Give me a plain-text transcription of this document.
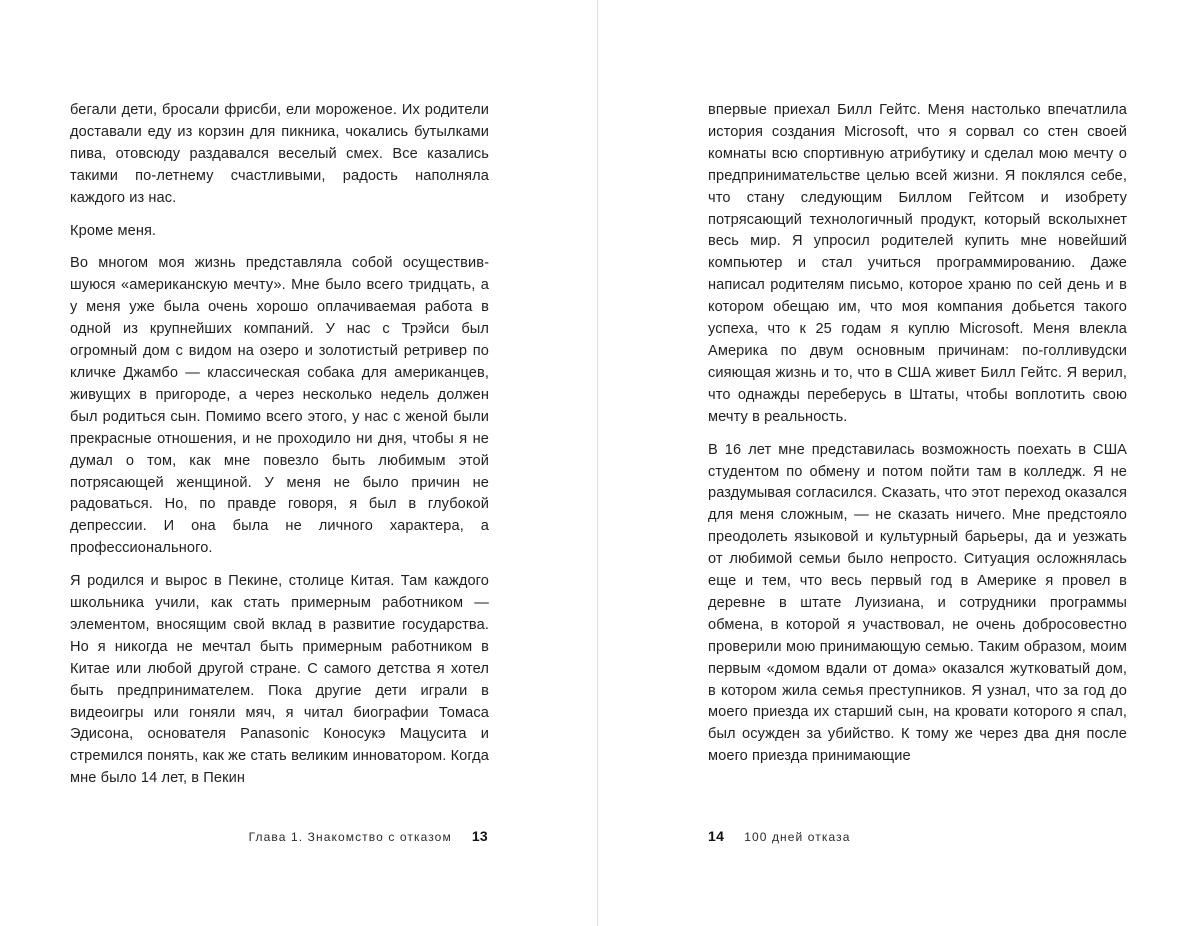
бегали дети, бросали фрисби, ели мороженое. Их родители доставали еду из корзин для пикника, чокались бутылками пива, отовсюду раздавался веселый смех. Все казались такими по-летнему счастливыми, радость наполняла каждого из нас.

Кроме меня.

Во многом моя жизнь представляла собой осуществившуюся «американскую мечту». Мне было всего тридцать, а у меня уже была очень хорошо оплачиваемая работа в одной из крупнейших компаний. У нас с Трэйси был огромный дом с видом на озеро и золотистый ретривер по кличке Джамбо — классическая собака для американцев, живущих в пригороде, а через несколько недель должен был родиться сын. Помимо всего этого, у нас с женой были прекрасные отношения, и не проходило ни дня, чтобы я не думал о том, как мне повезло быть любимым этой потрясающей женщиной. У меня не было причин не радоваться. Но, по правде говоря, я был в глубокой депрессии. И она была не личного характера, а профессионального.

Я родился и вырос в Пекине, столице Китая. Там каждого школьника учили, как стать примерным работником — элементом, вносящим свой вклад в развитие государства. Но я никогда не мечтал быть примерным работником в Китае или любой другой стране. С самого детства я хотел быть предпринимателем. Пока другие дети играли в видеоигры или гоняли мяч, я читал биографии Томаса Эдисона, основателя Panasonic Коносукэ Мацусита и стремился понять, как же стать великим инноватором. Когда мне было 14 лет, в Пекин

Глава 1. Знакомство с отказом 13

впервые приехал Билл Гейтс. Меня настолько впечатлила история создания Microsoft, что я сорвал со стен своей комнаты всю спортивную атрибутику и сделал мою мечту о предпринимательстве целью всей жизни. Я поклялся себе, что стану следующим Биллом Гейтсом и изобрету потрясающий технологичный продукт, который всколыхнет весь мир. Я упросил родителей купить мне новейший компьютер и стал учиться программированию. Даже написал родителям письмо, которое храню по сей день и в котором обещаю им, что моя компания добьется такого успеха, что к 25 годам я куплю Microsoft. Меня влекла Америка по двум основным причинам: по-голливудски сияющая жизнь и то, что в США живет Билл Гейтс. Я верил, что однажды переберусь в Штаты, чтобы воплотить свою мечту в реальность.

В 16 лет мне представилась возможность поехать в США студентом по обмену и потом пойти там в колледж. Я не раздумывая согласился. Сказать, что этот переход оказался для меня сложным, — не сказать ничего. Мне предстояло преодолеть языковой и культурный барьеры, да и уезжать от любимой семьи было непросто. Ситуация осложнялась еще и тем, что весь первый год в Америке я провел в деревне в штате Луизиана, и сотрудники программы обмена, в которой я участвовал, не очень добросовестно проверили мою принимающую семью. Таким образом, моим первым «домом вдали от дома» оказался жутковатый дом, в котором жила семья преступников. Я узнал, что за год до моего приезда их старший сын, на кровати которого я спал, был осужден за убийство. К тому же через два дня после моего приезда принимающие

14 100 дней отказа
